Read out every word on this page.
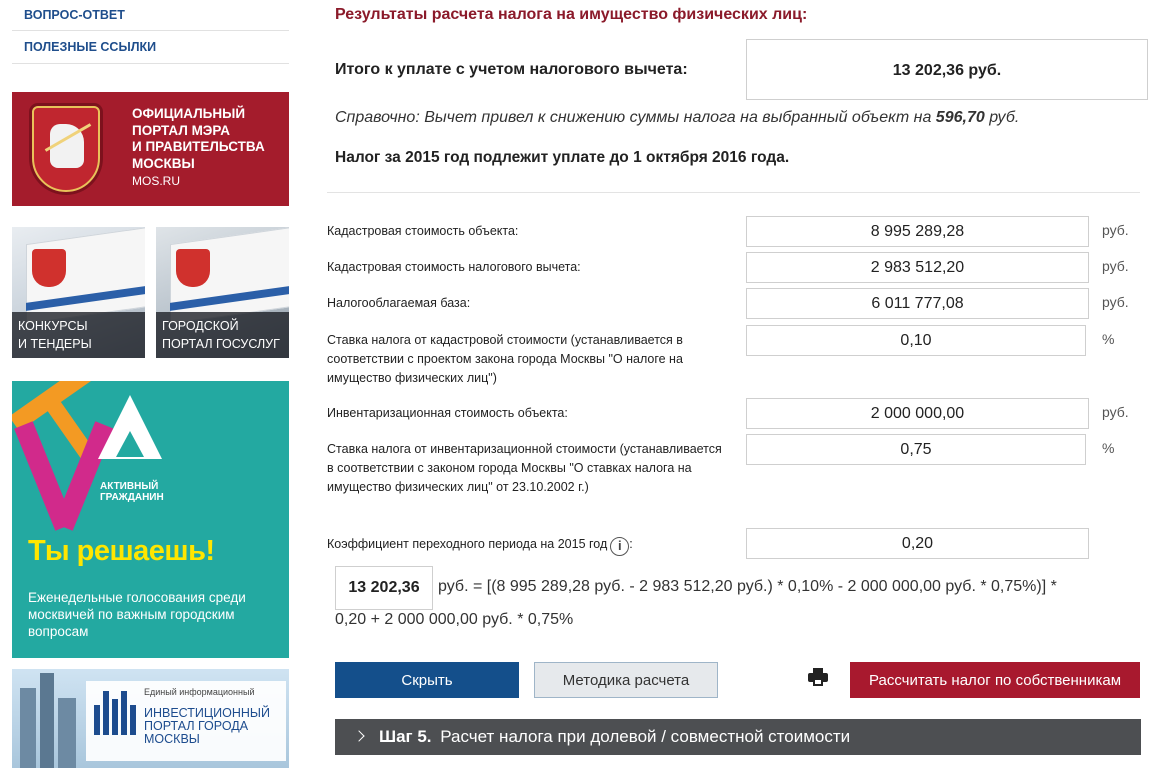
ВОПРОС-ОТВЕТ
ПОЛЕЗНЫЕ ССЫЛКИ
ОФИЦИАЛЬНЫЙ
ПОРТАЛ МЭРА
И ПРАВИТЕЛЬСТВА
МОСКВЫ
MOS.RU
КОНКУРСЫ
И ТЕНДЕРЫ
ГОРОДСКОЙ
ПОРТАЛ ГОСУСЛУГ
АКТИВНЫЙ
ГРАЖДАНИН
Ты решаешь!
Еженедельные голосования среди москвичей по важным городским вопросам
Единый информационный
ИНВЕСТИЦИОННЫЙ
ПОРТАЛ ГОРОДА
МОСКВЫ
Результаты расчета налога на имущество физических лиц:
Итого к уплате с учетом налогового вычета:	13 202,36 руб.
Справочно: Вычет привел к снижению суммы налога на выбранный объект на 596,70 руб.
Налог за 2015 год подлежит уплате до 1 октября 2016 года.
Кадастровая стоимость объекта:
8 995 289,28	руб.
Кадастровая стоимость налогового вычета:
2 983 512,20	руб.
Налогооблагаемая база:
6 011 777,08	руб.
Ставка налога от кадастровой стоимости (устанавливается в соответствии с проектом закона города Москвы "О налоге на имущество физических лиц")
0,10
%
Инвентаризационная стоимость объекта:
2 000 000,00	руб.
Ставка налога от инвентаризационной стоимости (устанавливается в соответствии с законом города Москвы "О ставках налога на имущество физических лиц" от 23.10.2002 г.)
0,75
%
Коэффициент переходного периода на 2015 год i :
0,20
13 202,36	руб. = [(8 995 289,28 руб. - 2 983 512,20 руб.) * 0,10% - 2 000 000,00 руб. * 0,75%)] *
0,20 + 2 000 000,00 руб. * 0,75%
Скрыть	Методика расчета	Рассчитать налог по собственникам
Шаг 5. Расчет налога при долевой / совместной стоимости
